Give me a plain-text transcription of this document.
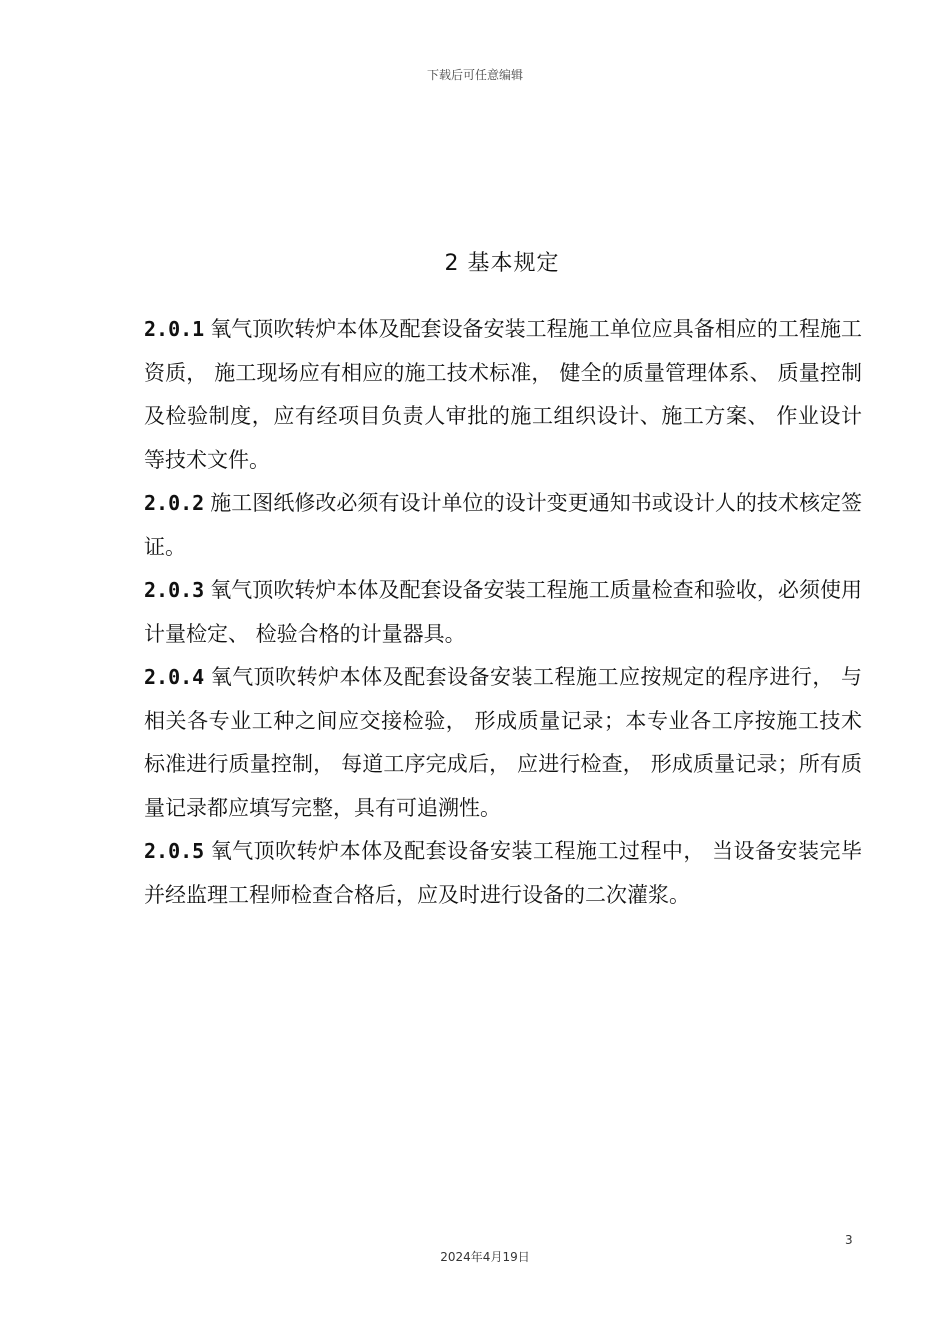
下载后可任意编辑
2 基本规定

2.0.1 氧气顶吹转炉本体及配套设备安装工程施工单位应具备相应的工程施工资质， 施工现场应有相应的施工技术标准， 健全的质量管理体系、 质量控制及检验制度，应有经项目负责人审批的施工组织设计、施工方案、 作业设计等技术文件。

2.0.2 施工图纸修改必须有设计单位的设计变更通知书或设计人的技术核定签证。

2.0.3 氧气顶吹转炉本体及配套设备安装工程施工质量检查和验收，必须使用计量检定、 检验合格的计量器具。

2.0.4 氧气顶吹转炉本体及配套设备安装工程施工应按规定的程序进行， 与相关各专业工种之间应交接检验， 形成质量记录；本专业各工序按施工技术标准进行质量控制， 每道工序完成后， 应进行检查， 形成质量记录；所有质量记录都应填写完整，具有可追溯性。

2.0.5 氧气顶吹转炉本体及配套设备安装工程施工过程中， 当设备安装完毕并经监理工程师检查合格后，应及时进行设备的二次灌浆。

3
2024年4月19日
